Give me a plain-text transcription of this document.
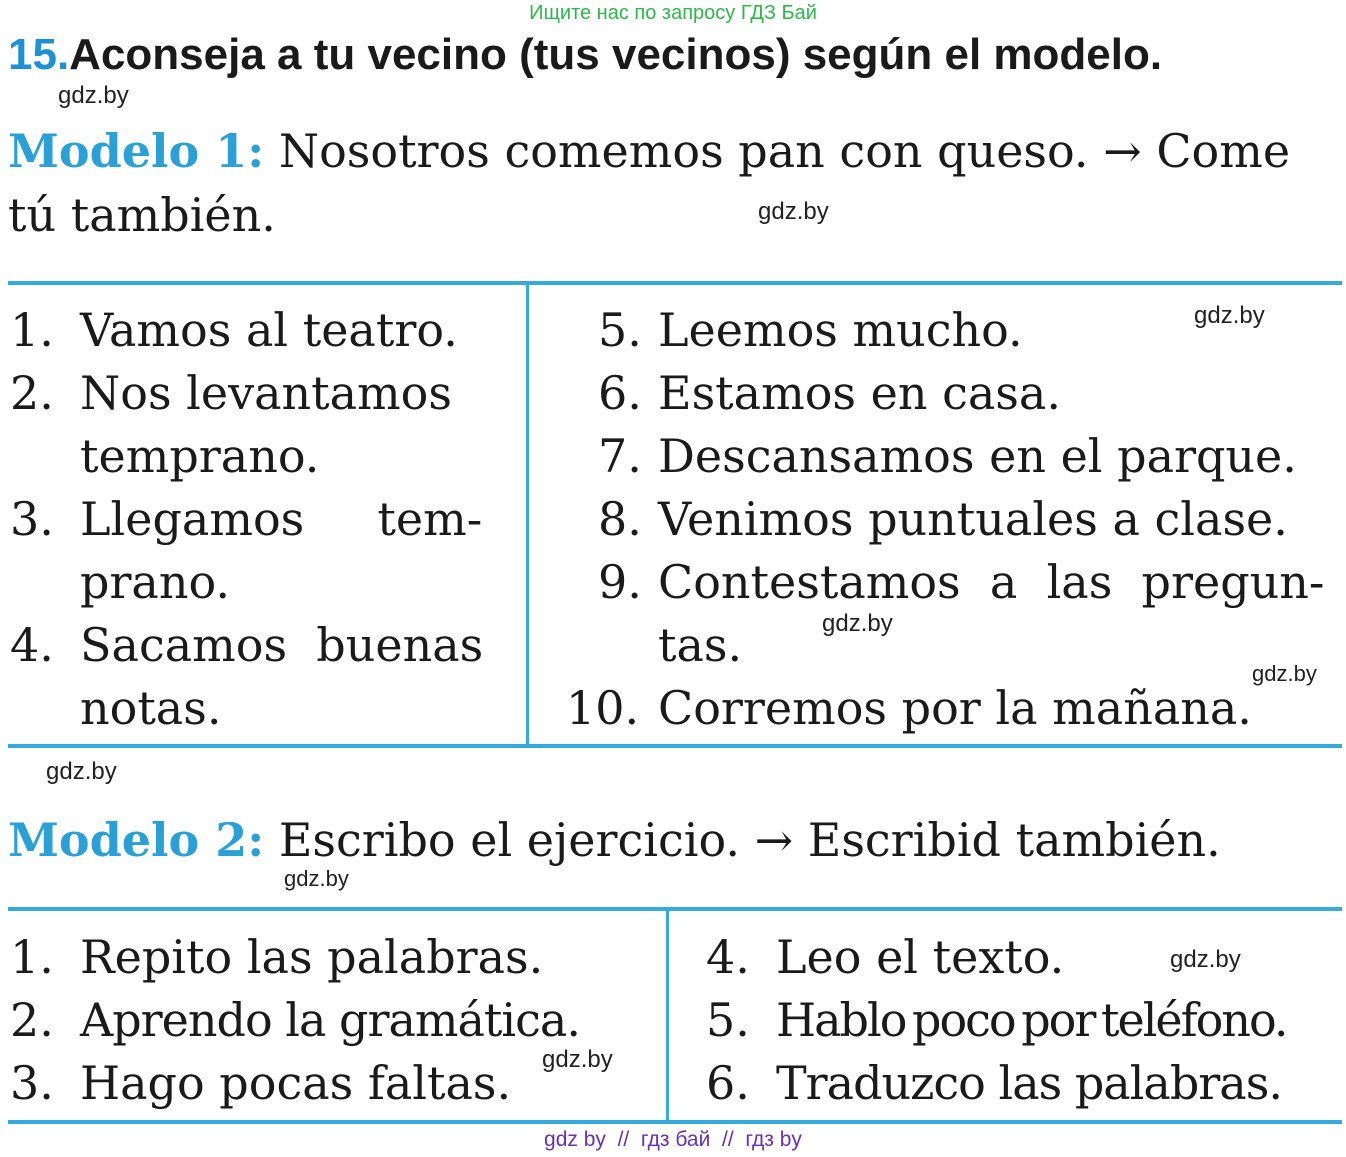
Ищите нас по запросу ГДЗ Бай
15.Aconseja a tu vecino (tus vecinos) según el modelo.
gdz.by
Modelo 1: Nosotros comemos pan con queso. → Come
tú también.	gdz.by
1. Vamos al teatro.
2. Nos levantamos
temprano.
3. Llegamos     tem-
prano.
4. Sacamos  buenas
notas.
5. Leemos mucho.	gdz.by
6. Estamos en casa.
7. Descansamos en el parque.
8. Venimos puntuales a clase.
9. Contestamos  a  las  pregun-
tas.	gdz.by
gdz.by
10. Corremos por la mañana.
gdz.by
Modelo 2: Escribo el ejercicio. → Escribid también.
gdz.by
1. Repito las palabras.
2. Aprendo la gramática.
3. Hago pocas faltas. gdz.by
4. Leo el texto.	gdz.by
5. Hablo poco por teléfono.
6. Traduzco las palabras.
gdz by  //  гдз бай  //  гдз by
